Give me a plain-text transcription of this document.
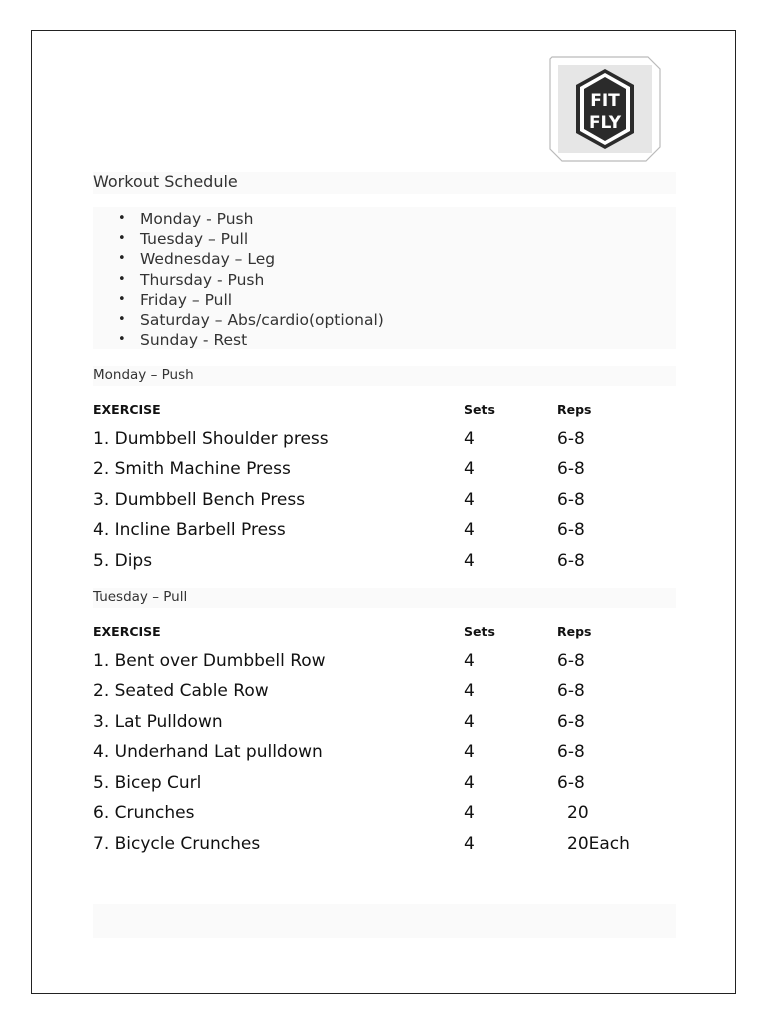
FIT
FLY
Workout Schedule
• Monday - Push
• Tuesday – Pull
• Wednesday – Leg
• Thursday - Push
• Friday – Pull
• Saturday – Abs/cardio(optional)
• Sunday - Rest
Monday – Push
EXERCISE	Sets	Reps
1. Dumbbell Shoulder press	4	6-8
2. Smith Machine Press	4	6-8
3. Dumbbell Bench Press	4	6-8
4. Incline Barbell Press	4	6-8
5. Dips	4	6-8
Tuesday – Pull
EXERCISE	Sets	Reps
1. Bent over Dumbbell Row	4	6-8
2. Seated Cable Row	4	6-8
3. Lat Pulldown	4	6-8
4. Underhand Lat pulldown	4	6-8
5. Bicep Curl	4	6-8
6. Crunches	4	20
7. Bicycle Crunches	4	20Each
